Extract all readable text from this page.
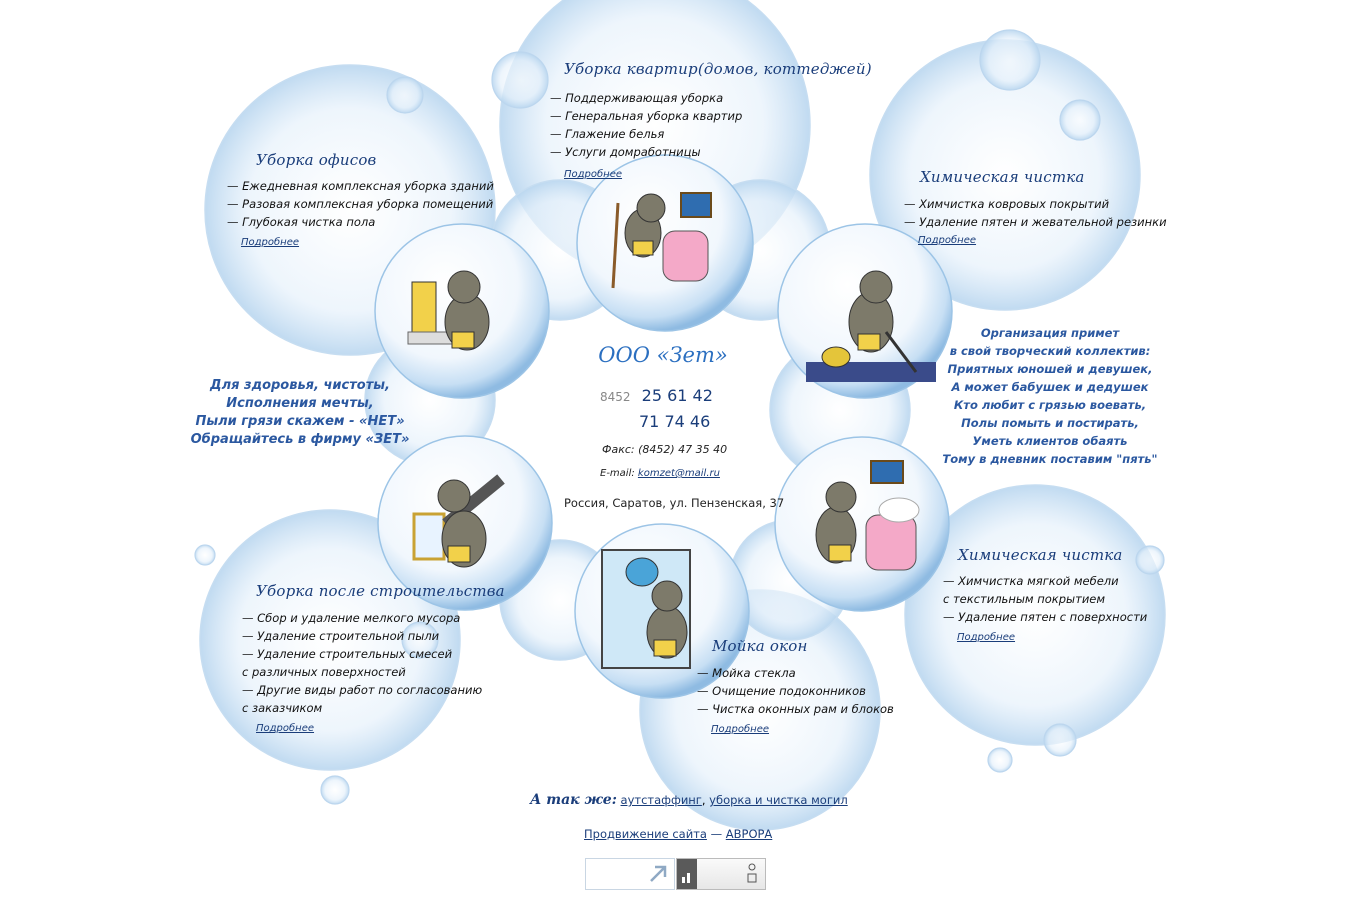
Уборка квартир(домов, коттеджей)
— Поддерживающая уборка
— Генеральная уборка квартир
— Глажение белья
— Услуги домработницы
Подробнее
Уборка офисов
— Ежедневная комплексная уборка зданий
— Разовая комплексная уборка помещений
— Глубокая чистка пола
Подробнее
Химическая чистка
— Химчистка ковровых покрытий
— Удаление пятен и жевательной резинки
Подробнее
ООО «Зет»
8452 25 61 42
71 74 46
Факс: (8452) 47 35 40
E-mail: komzet@mail.ru
Россия, Саратов, ул. Пензенская, 37
Для здоровья, чистоты,
Исполнения мечты,
Пыли грязи скажем - «НЕТ»
Обращайтесь в фирму «ЗЕТ»
Организация примет
в свой творческий коллектив:
Приятных юношей и девушек,
А может бабушек и дедушек
Кто любит с грязью воевать,
Полы помыть и постирать,
Уметь клиентов обаять
Тому в дневник поставим "пять"
Уборка после строительства
— Сбор и удаление мелкого мусора
— Удаление строительной пыли
— Удаление строительных смесей
с различных поверхностей
— Другие виды работ по согласованию
с заказчиком
Подробнее
Мойка окон
— Мойка стекла
— Очищение подоконников
— Чистка оконных рам и блоков
Подробнее
Химическая чистка
— Химчистка мягкой мебели
с текстильным покрытием
— Удаление пятен с поверхности
Подробнее
А так же: аутстаффинг, уборка и чистка могил
Продвижение сайта — АВРОРА
